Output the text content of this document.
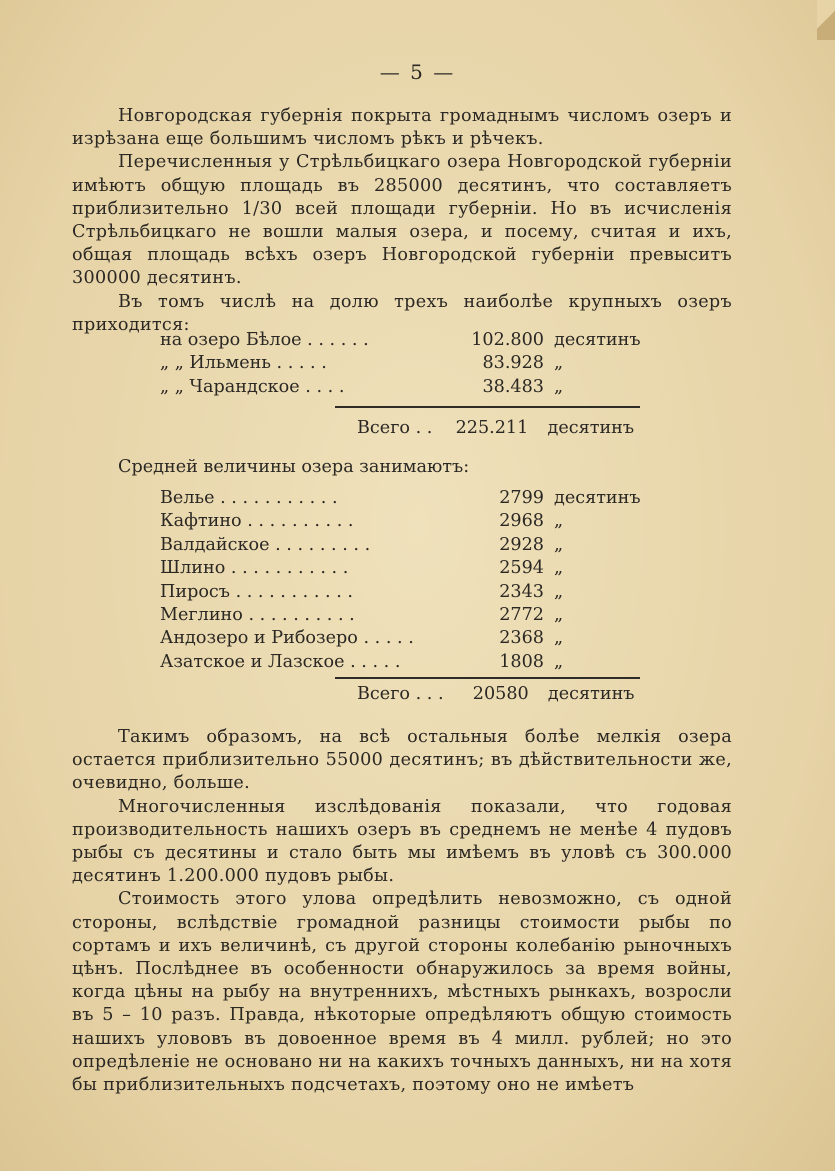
— 5 —

Новгородская губернія покрыта громаднымъ числомъ озеръ и изрѣзана еще большимъ числомъ рѣкъ и рѣчекъ.

Перечисленныя у Стрѣльбицкаго озера Новгородской губерніи имѣютъ общую площадь въ 285000 десятинъ, что составляетъ приблизительно 1/30 всей площади губерніи. Но въ исчисленія Стрѣльбицкаго не вошли малыя озера, и посему, считая и ихъ, общая площадь всѣхъ озеръ Новгородской губерніи превыситъ 300000 десятинъ.

Въ томъ числѣ на долю трехъ наиболѣе крупныхъ озеръ приходится:

на озеро Бѣлое . . . . . .	102.800 десятинъ
„ „ Ильмень . . . . .	83.928 „
„ „ Чарандское . . . .	38.483 „
Всего . . 225.211 десятинъ
Средней величины озера занимаютъ:
Велье . . . . . . . . . . .	2799 десятинъ
Кафтино . . . . . . . . . .	2968 „
Валдайское . . . . . . . . .	2928 „
Шлино . . . . . . . . . . .	2594 „
Пиросъ . . . . . . . . . . .	2343 „
Меглино . . . . . . . . . .	2772 „
Андозеро и Рибозеро . . . . .	2368 „
Азатское и Лазское . . . . .	1808 „
Всего . . . 20580 десятинъ

Такимъ образомъ, на всѣ остальныя болѣе мелкія озера остается приблизительно 55000 десятинъ; въ дѣйствительности же, очевидно, больше.

Многочисленныя изслѣдованія показали, что годовая производительность нашихъ озеръ въ среднемъ не менѣе 4 пудовъ рыбы съ десятины и стало быть мы имѣемъ въ уловѣ съ 300.000 десятинъ 1.200.000 пудовъ рыбы.

Стоимость этого улова опредѣлить невозможно, съ одной стороны, вслѣдствіе громадной разницы стоимости рыбы по сортамъ и ихъ величинѣ, съ другой стороны колебанію рыночныхъ цѣнъ. Послѣднее въ особенности обнаружилось за время войны, когда цѣны на рыбу на внутреннихъ, мѣстныхъ рынкахъ, возросли въ 5 – 10 разъ. Правда, нѣкоторые опредѣляютъ общую стоимость нашихъ улововъ въ довоенное время въ 4 милл. рублей; но это опредѣленіе не основано ни на какихъ точныхъ данныхъ, ни на хотя бы приблизительныхъ подсчетахъ, поэтому оно не имѣетъ
